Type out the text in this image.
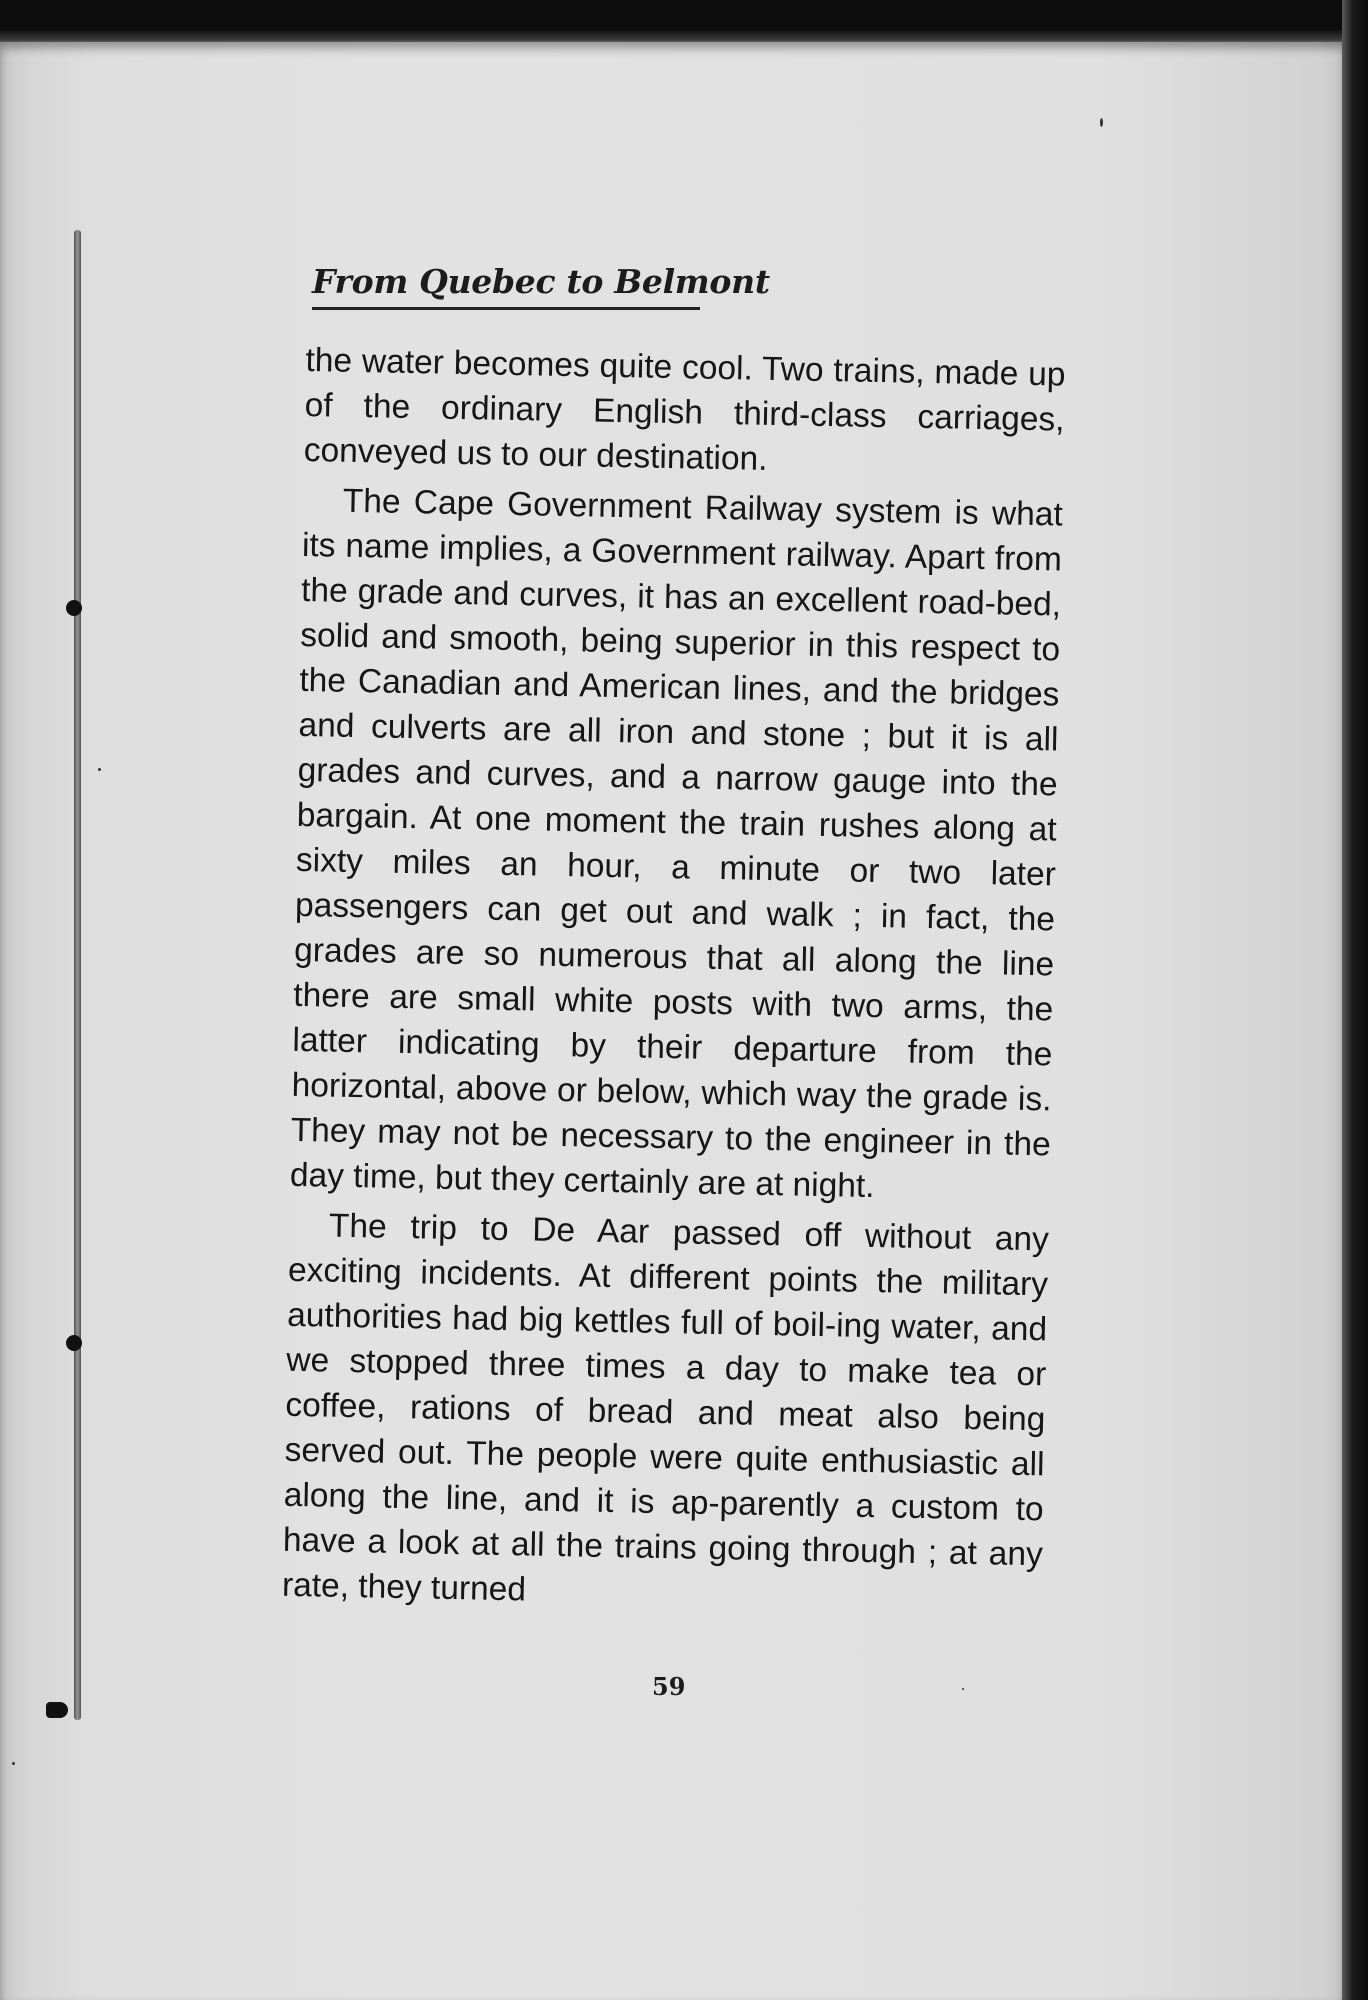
From Quebec to Belmont

the water becomes quite cool. Two trains, made up of the ordinary English third-class carriages, conveyed us to our destination.

The Cape Government Railway system is what its name implies, a Government railway. Apart from the grade and curves, it has an excellent road-bed, solid and smooth, being superior in this respect to the Canadian and American lines, and the bridges and culverts are all iron and stone ; but it is all grades and curves, and a narrow gauge into the bargain. At one moment the train rushes along at sixty miles an hour, a minute or two later passengers can get out and walk ; in fact, the grades are so numerous that all along the line there are small white posts with two arms, the latter indicating by their departure from the horizontal, above or below, which way the grade is. They may not be necessary to the engineer in the day time, but they certainly are at night.

The trip to De Aar passed off without any exciting incidents. At different points the military authorities had big kettles full of boil-ing water, and we stopped three times a day to make tea or coffee, rations of bread and meat also being served out. The people were quite enthusiastic all along the line, and it is ap-parently a custom to have a look at all the trains going through ; at any rate, they turned

59
